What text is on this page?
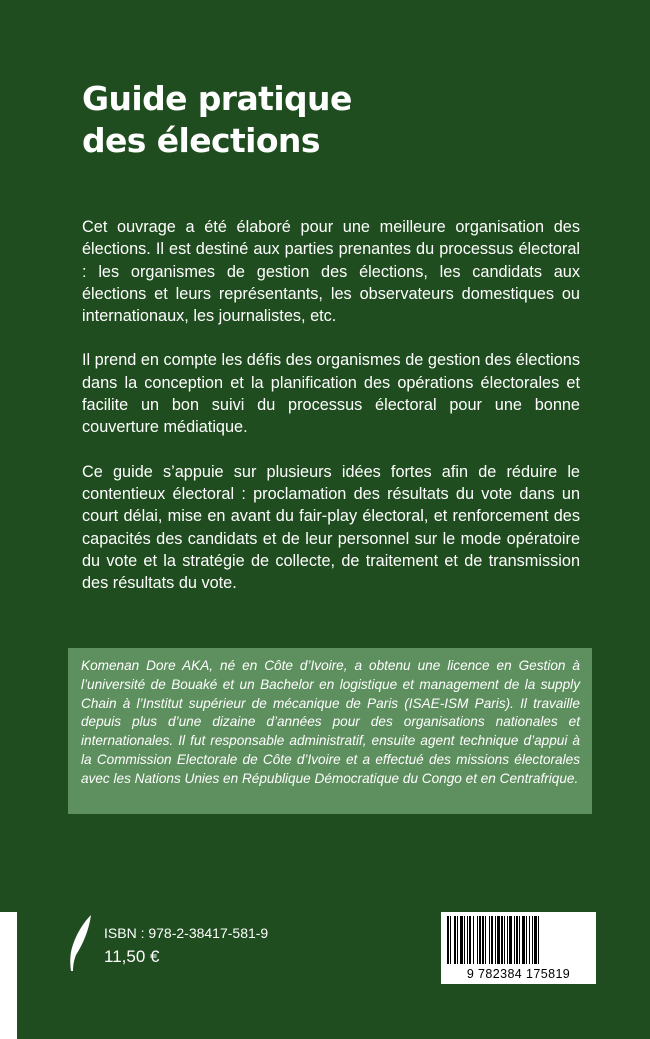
Guide pratique
des élections

Cet ouvrage a été élaboré pour une meilleure organisation des élections. Il est destiné aux parties prenantes du processus électoral : les organismes de gestion des élections, les candidats aux élections et leurs représentants, les observateurs domestiques ou internationaux, les journalistes, etc.

Il prend en compte les défis des organismes de gestion des élections dans la conception et la planification des opérations électorales et facilite un bon suivi du processus électoral pour une bonne couverture médiatique.

Ce guide s’appuie sur plusieurs idées fortes afin de réduire le contentieux électoral : proclamation des résultats du vote dans un court délai, mise en avant du fair-play électoral, et renforcement des capacités des candidats et de leur personnel sur le mode opératoire du vote et la stratégie de collecte, de traitement et de transmission des résultats du vote.

Komenan Dore AKA, né en Côte d’Ivoire, a obtenu une licence en Gestion à l’université de Bouaké et un Bachelor en logistique et management de la supply Chain à l’Institut supérieur de mécanique de Paris (ISAE-ISM Paris). Il travaille depuis plus d’une dizaine d’années pour des organisations nationales et internationales. Il fut responsable administratif, ensuite agent technique d’appui à la Commission Electorale de Côte d’Ivoire et a effectué des missions électorales avec les Nations Unies en République Démocratique du Congo et en Centrafrique.

ISBN : 978-2-38417-581-9
11,50 €
9 782384 175819
